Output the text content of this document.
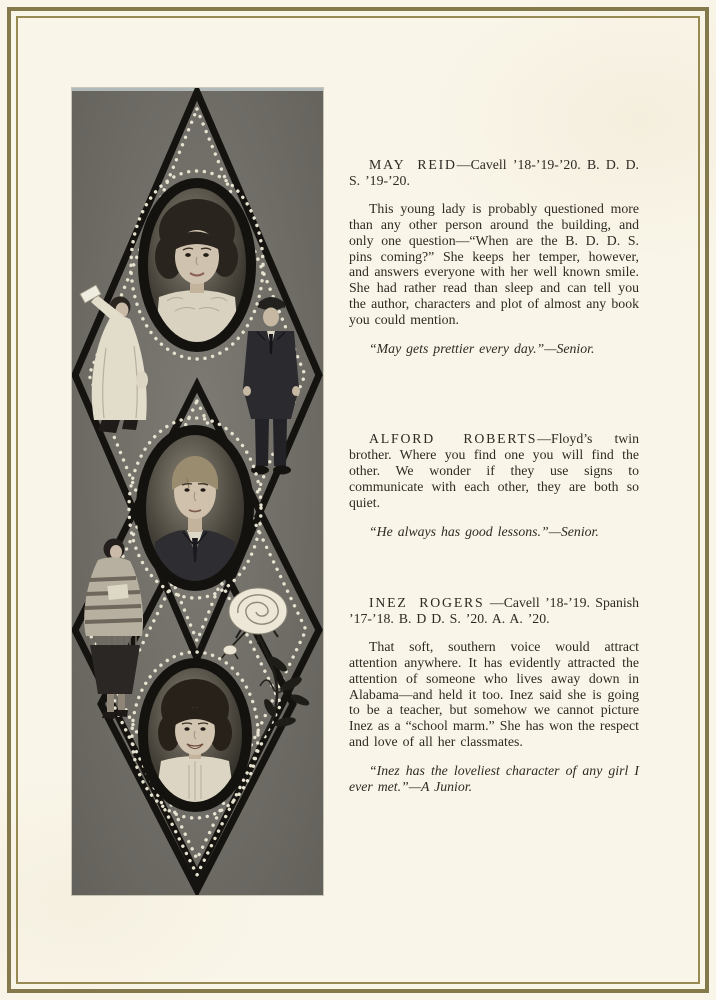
MAY REID—Cavell ’18-’19-’20. B. D. D. S. ’19-’20.

This young lady is probably questioned more than any other person around the building, and only one question—“When are the B. D. D. S. pins coming?” She keeps her temper, however, and answers everyone with her well known smile. She had rather read than sleep and can tell you the author, characters and plot of almost any book you could mention.

“May gets prettier every day.”—Senior.

ALFORD ROBERTS—Floyd’s twin brother. Where you find one you will find the other. We wonder if they use signs to communicate with each other, they are both so quiet.

“He always has good lessons.”—Senior.

INEZ ROGERS —Cavell ’18-’19. Spanish ’17-’18. B. D D. S. ’20. A. A. ’20.

That soft, southern voice would attract attention anywhere. It has evidently attracted the attention of someone who lives away down in Alabama—and held it too. Inez said she is going to be a teacher, but somehow we cannot picture Inez as a “school marm.” She has won the respect and love of all her classmates.

“Inez has the loveliest character of any girl I ever met.”—A Junior.
